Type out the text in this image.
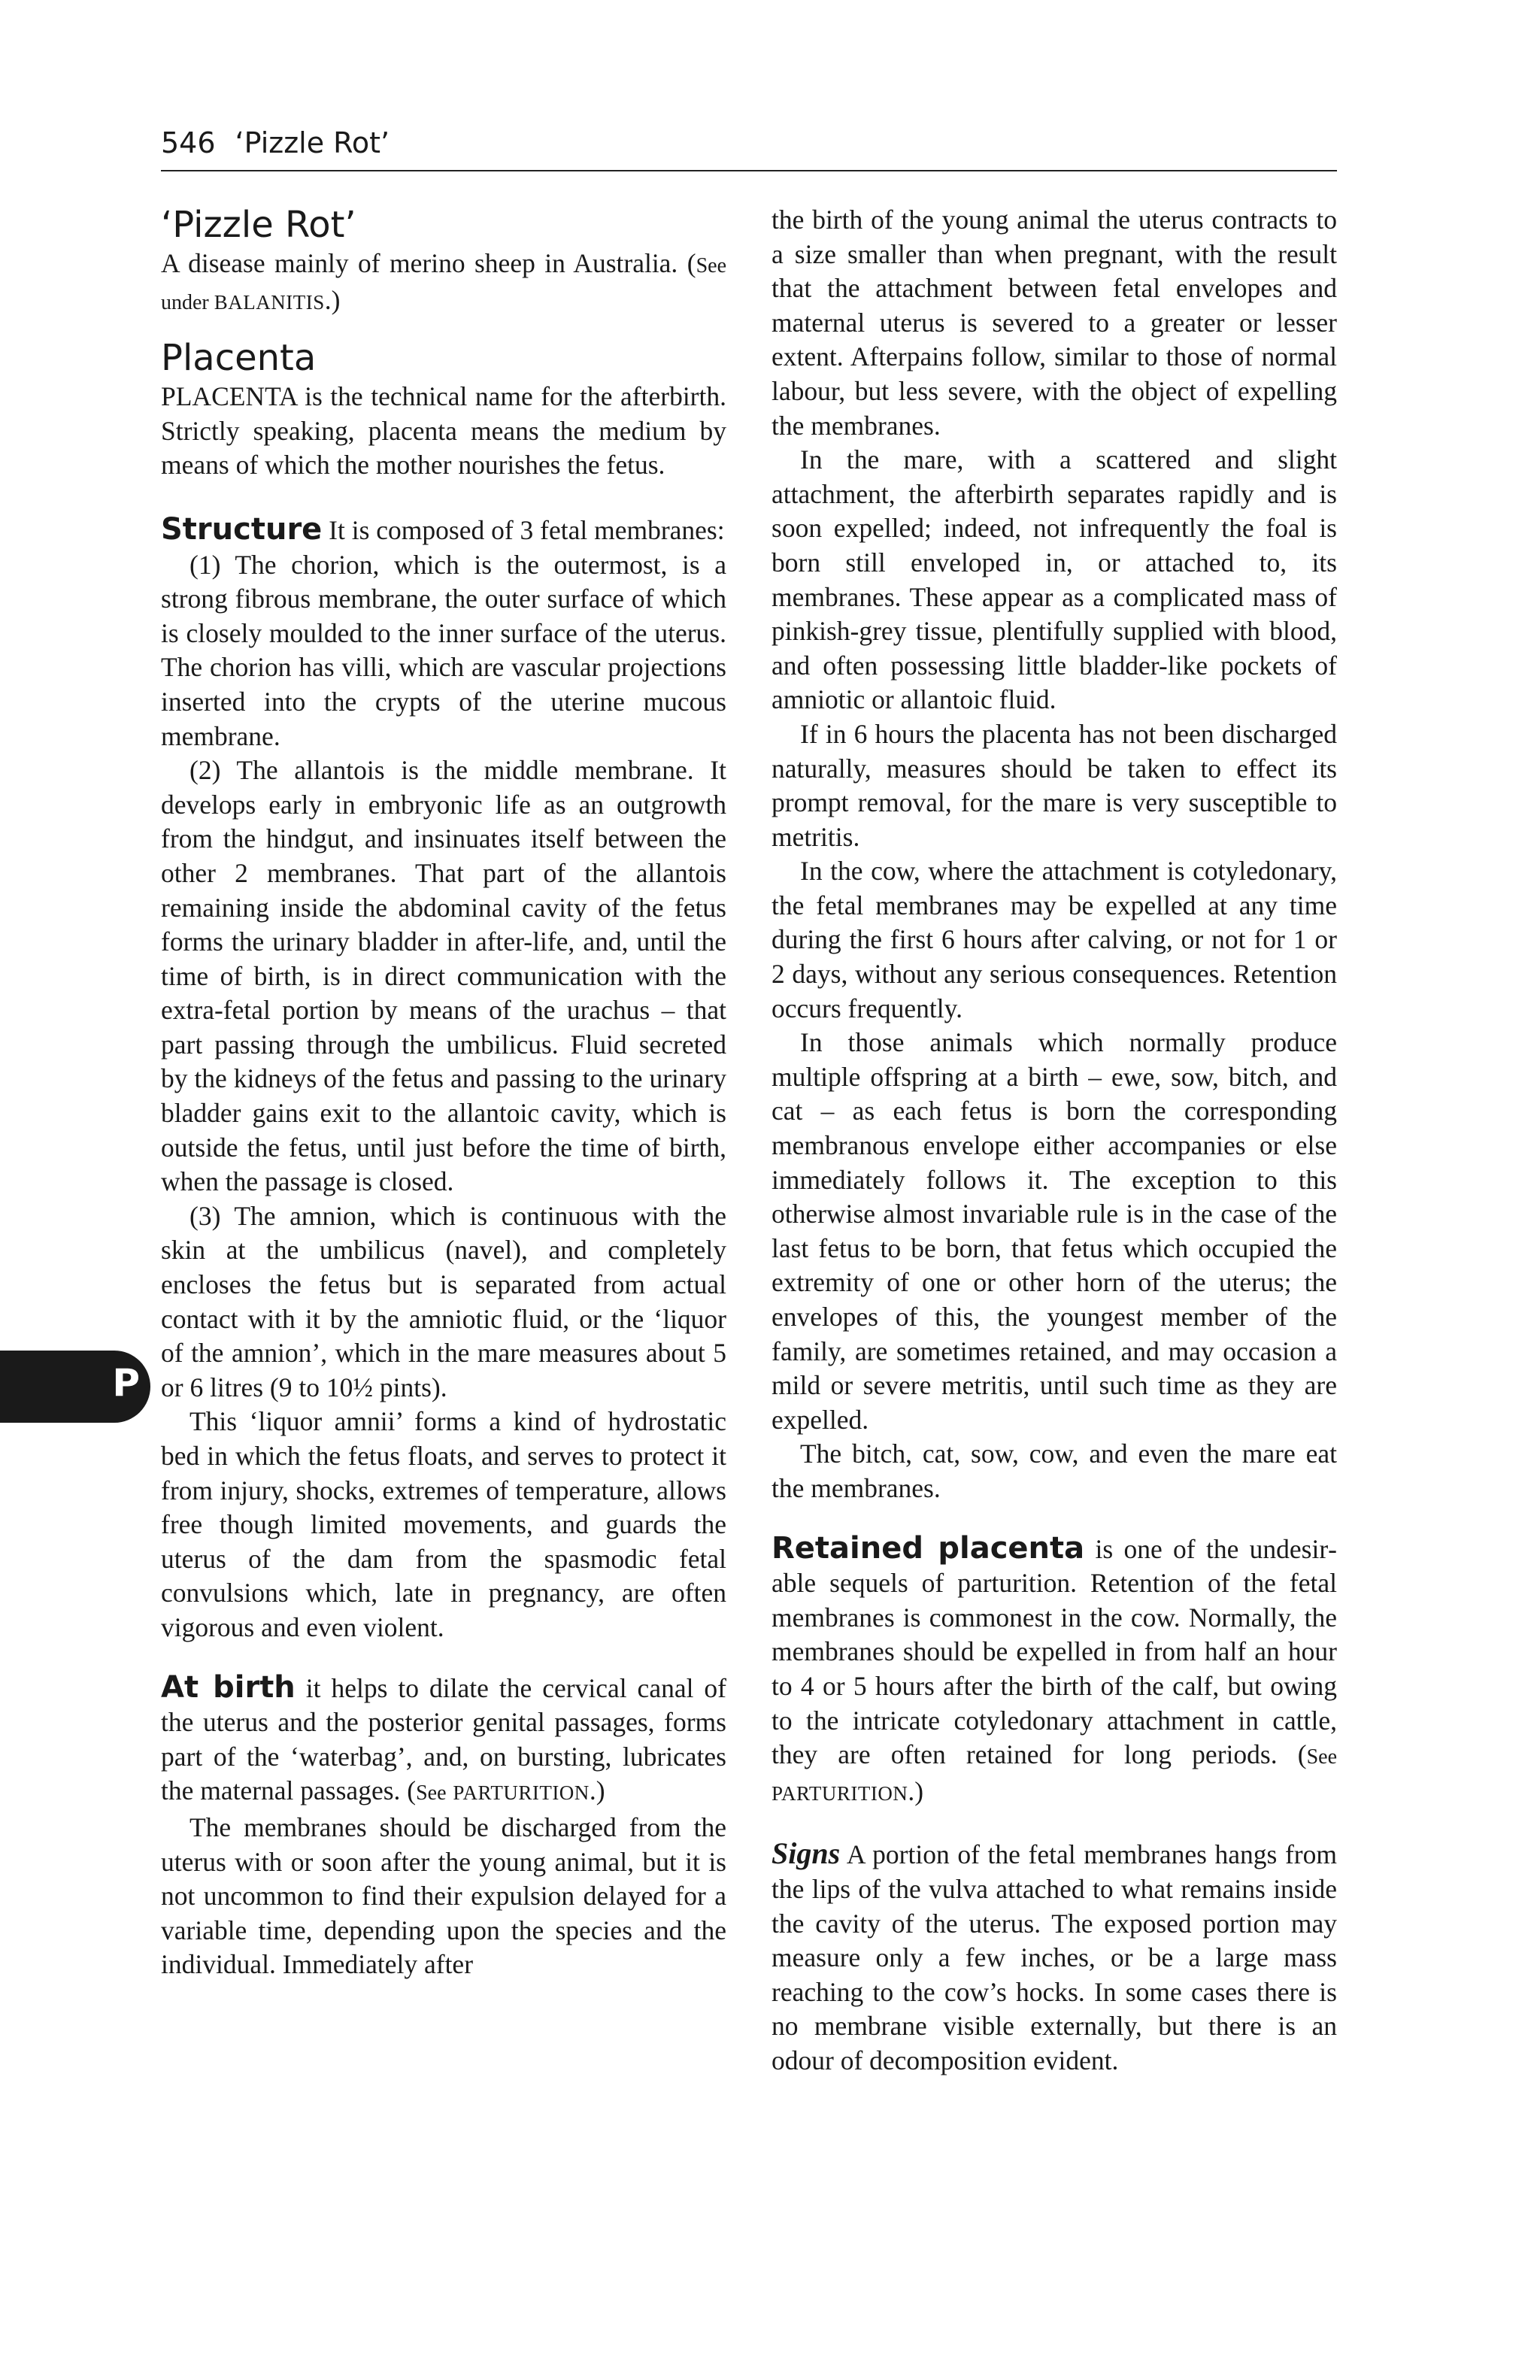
546 ‘Pizzle Rot’
P
‘Pizzle Rot’

A disease mainly of merino sheep in Australia. (See under BALANITIS.)

Placenta

PLACENTA is the technical name for the afterbirth. Strictly speaking, placenta means the medium by means of which the mother nourishes the fetus.

Structure It is composed of 3 fetal membranes:

(1) The chorion, which is the outermost, is a strong fibrous membrane, the outer surface of which is closely moulded to the inner surface of the uterus. The chorion has villi, which are vascular projections inserted into the crypts of the uterine mucous membrane.

(2) The allantois is the middle membrane. It develops early in embryonic life as an outgrowth from the hindgut, and insinuates itself between the other 2 membranes. That part of the allantois remaining inside the abdominal cavity of the fetus forms the urinary bladder in after-life, and, until the time of birth, is in direct communication with the extra-fetal portion by means of the urachus – that part passing through the umbilicus. Fluid secreted by the kidneys of the fetus and passing to the urinary bladder gains exit to the allantoic cavity, which is outside the fetus, until just before the time of birth, when the passage is closed.

(3) The amnion, which is continuous with the skin at the umbilicus (navel), and completely encloses the fetus but is separated from actual contact with it by the amniotic fluid, or the ‘liquor of the amnion’, which in the mare measures about 5 or 6 litres (9 to 10½ pints).

This ‘liquor amnii’ forms a kind of hydrostatic bed in which the fetus floats, and serves to protect it from injury, shocks, extremes of temperature, allows free though limited movements, and guards the uterus of the dam from the spasmodic fetal convulsions which, late in pregnancy, are often vigorous and even violent.

At birth it helps to dilate the cervical canal of the uterus and the posterior genital passages, forms part of the ‘waterbag’, and, on bursting, lubricates the maternal passages. (See PARTURITION.)

The membranes should be discharged from the uterus with or soon after the young animal, but it is not uncommon to find their expulsion delayed for a variable time, depending upon the species and the individual. Immediately after

the birth of the young animal the uterus contracts to a size smaller than when pregnant, with the result that the attachment between fetal envelopes and maternal uterus is severed to a greater or lesser extent. Afterpains follow, similar to those of normal labour, but less severe, with the object of expelling the membranes.

In the mare, with a scattered and slight attachment, the afterbirth separates rapidly and is soon expelled; indeed, not infrequently the foal is born still enveloped in, or attached to, its membranes. These appear as a complicated mass of pinkish-grey tissue, plentifully supplied with blood, and often possessing little bladder-like pockets of amniotic or allantoic fluid.

If in 6 hours the placenta has not been discharged naturally, measures should be taken to effect its prompt removal, for the mare is very susceptible to metritis.

In the cow, where the attachment is cotyledonary, the fetal membranes may be expelled at any time during the first 6 hours after calving, or not for 1 or 2 days, without any serious consequences. Retention occurs frequently.

In those animals which normally produce multiple offspring at a birth – ewe, sow, bitch, and cat – as each fetus is born the corresponding membranous envelope either accompanies or else immediately follows it. The exception to this otherwise almost invariable rule is in the case of the last fetus to be born, that fetus which occupied the extremity of one or other horn of the uterus; the envelopes of this, the youngest member of the family, are sometimes retained, and may occasion a mild or severe metritis, until such time as they are expelled.

The bitch, cat, sow, cow, and even the mare eat the membranes.

Retained placenta is one of the undesirable sequels of parturition. Retention of the fetal membranes is commonest in the cow. Normally, the membranes should be expelled in from half an hour to 4 or 5 hours after the birth of the calf, but owing to the intricate cotyledonary attachment in cattle, they are often retained for long periods. (See PARTURITION.)

Signs A portion of the fetal membranes hangs from the lips of the vulva attached to what remains inside the cavity of the uterus. The exposed portion may measure only a few inches, or be a large mass reaching to the cow’s hocks. In some cases there is no membrane visible externally, but there is an odour of decomposition evident.
